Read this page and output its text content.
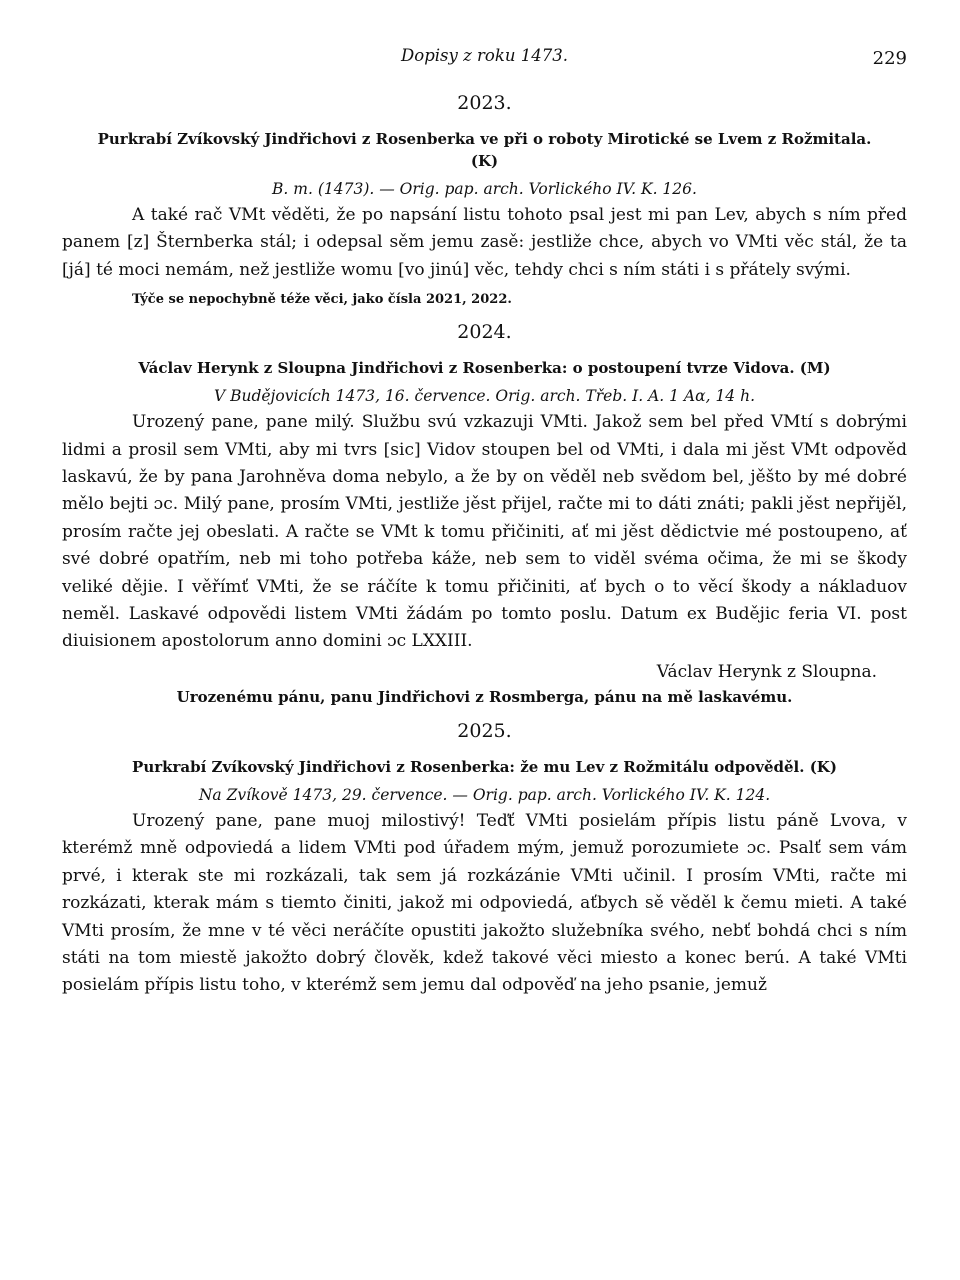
Dopisy z roku 1473.	229
2023.
Purkrabí Zvíkovský Jindřichovi z Rosenberka ve při o roboty Mirotické se Lvem z Rožmitala. (K)
B. m. (1473). — Orig. pap. arch. Vorlického IV. K. 126.

A také rač VMt věděti, že po napsání listu tohoto psal jest mi pan Lev, abych s ním před panem [z] Šternberka stál; i odepsal sěm jemu zasě: jestliže chce, abych vo VMti věc stál, že ta [já] té moci nemám, než jestliže womu [vo jinú] věc, tehdy chci s ním státi i s přátely svými.

Týče se nepochybně téže věci, jako čísla 2021, 2022.
2024.
Václav Herynk z Sloupna Jindřichovi z Rosenberka: o postoupení tvrze Vidova. (M)
V Budějovicích 1473, 16. července. Orig. arch. Třeb. I. A. 1 Aα, 14 h.

Urozený pane, pane milý. Službu svú vzkazuji VMti. Jakož sem bel před VMtí s dobrými lidmi a prosil sem VMti, aby mi tvrs [sic] Vidov stoupen bel od VMti, i dala mi jěst VMt odpověd laskavú, že by pana Jarohněva doma nebylo, a že by on věděl neb svědom bel, jěšto by mé dobré mělo bejti ɔc. Milý pane, prosím VMti, jestliže jěst přijel, račte mi to dáti znáti; pakli jěst nepřijěl, prosím račte jej obeslati. A račte se VMt k tomu přičiniti, ať mi jěst dědictvie mé postoupeno, ať své dobré opatřím, neb mi toho potřeba káže, neb sem to viděl svéma očima, že mi se škody veliké dějie. I věřímť VMti, že se ráčíte k tomu přičiniti, ať bych o to věcí škody a nákladuov neměl. Laskavé odpovědi listem VMti žádám po tomto poslu. Datum ex Budějic feria VI. post diuisionem apostolorum anno domini ɔc LXXIII.

Václav Herynk z Sloupna.
Urozenému pánu, panu Jindřichovi z Rosmberga, pánu na mě laskavému.
2025.
Purkrabí Zvíkovský Jindřichovi z Rosenberka: že mu Lev z Rožmitálu odpověděl. (K)
Na Zvíkově 1473, 29. července. — Orig. pap. arch. Vorlického IV. K. 124.

Urozený pane, pane muoj milostivý! Teďť VMti posielám přípis listu páně Lvova, v kterémž mně odpoviedá a lidem VMti pod úřadem mým, jemuž porozumiete ɔc. Psalť sem vám prvé, i kterak ste mi rozkázali, tak sem já rozkázánie VMti učinil. I prosím VMti, račte mi rozkázati, kterak mám s tiemto činiti, jakož mi odpoviedá, aťbych sě věděl k čemu mieti. A také VMti prosím, že mne v té věci neráčíte opustiti jakožto služebníka svého, nebť bohdá chci s ním státi na tom miestě jakožto dobrý člověk, kdež takové věci miesto a konec berú. A také VMti posielám přípis listu toho, v kterémž sem jemu dal odpověď na jeho psanie, jemuž
